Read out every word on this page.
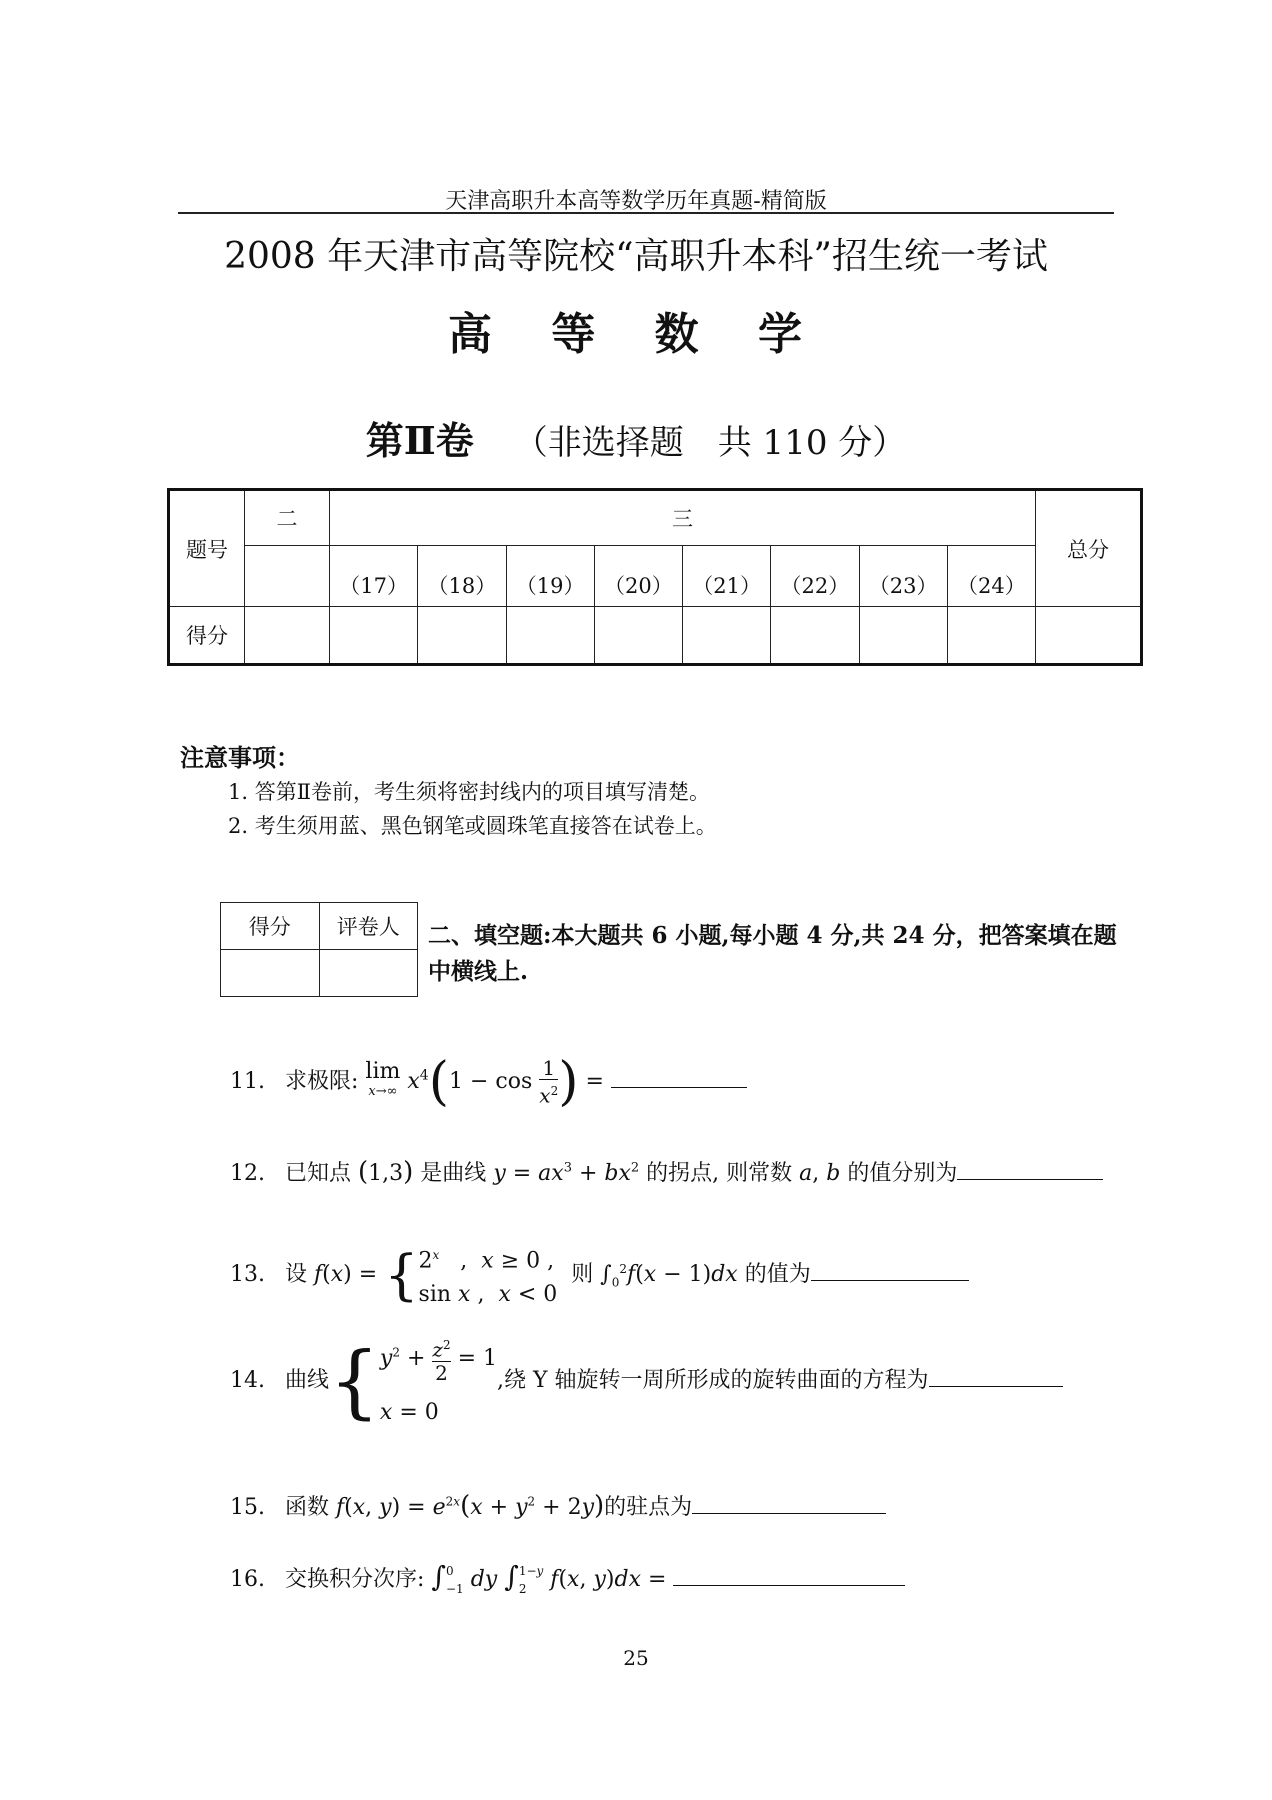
天津高职升本高等数学历年真题-精简版
2008 年天津市高等院校“高职升本科”招生统一考试
高 等 数 学
第Ⅱ卷 （非选择题　共 110 分）
题号	二	三								总分
		（17）	（18）	（19）	（20）	（21）	（22）	（23）	（24）	
得分										
注意事项：
1. 答第Ⅱ卷前，考生须将密封线内的项目填写清楚。
2. 考生须用蓝、黑色钢笔或圆珠笔直接答在试卷上。
得分	评卷人
	二、填空题:本大题共 6 小题,每小题 4 分,共 24 分，把答案填在题中横线上.
11. 求极限: lim
x→∞ $x^4(1 - \cos \frac{1}{x^2}$ ) =
12. 已知点 (1,3) 是曲线 $y = ax^3 + bx^2$ 的拐点, 则常数 a, b 的值分别为
13. 设 f(x) = { 2$^x$   ,  x ≥ 0 ,
sin x ,  x < 0
则 $\int_0^2f(x - 1)dx$ 的值为
14. 曲线{ $y^2 + \frac{z^2}{2} = 1$
x = 0
,绕 Y 轴旋转一周所形成的旋转曲面的方程为
15. 函数 f(x, $y) = e^{2x}(x + y^2 + 2y)$的驻点为
16. 交换积分次序: ∫ 0
−1 dy ∫ 1−y
2	f(x, y)dx =
25
